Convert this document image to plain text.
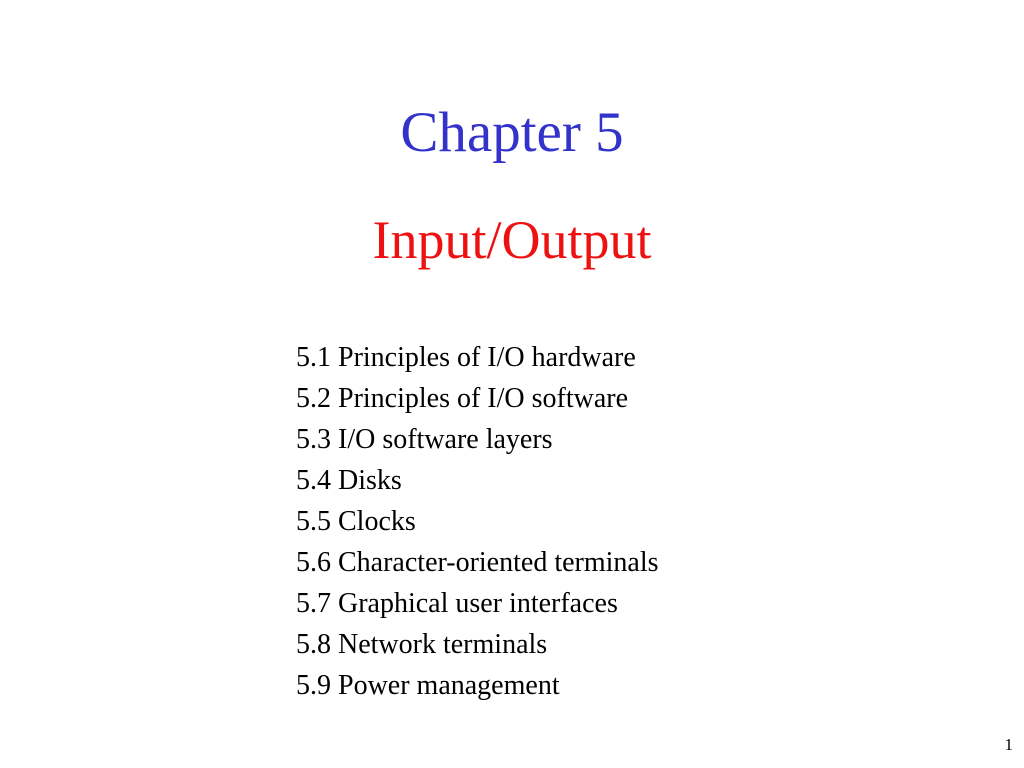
Chapter 5
Input/Output
5.1 Principles of I/O hardware
5.2 Principles of I/O software
5.3 I/O software layers
5.4 Disks
5.5 Clocks
5.6 Character-oriented terminals
5.7 Graphical user interfaces
5.8 Network terminals
5.9 Power management
1
